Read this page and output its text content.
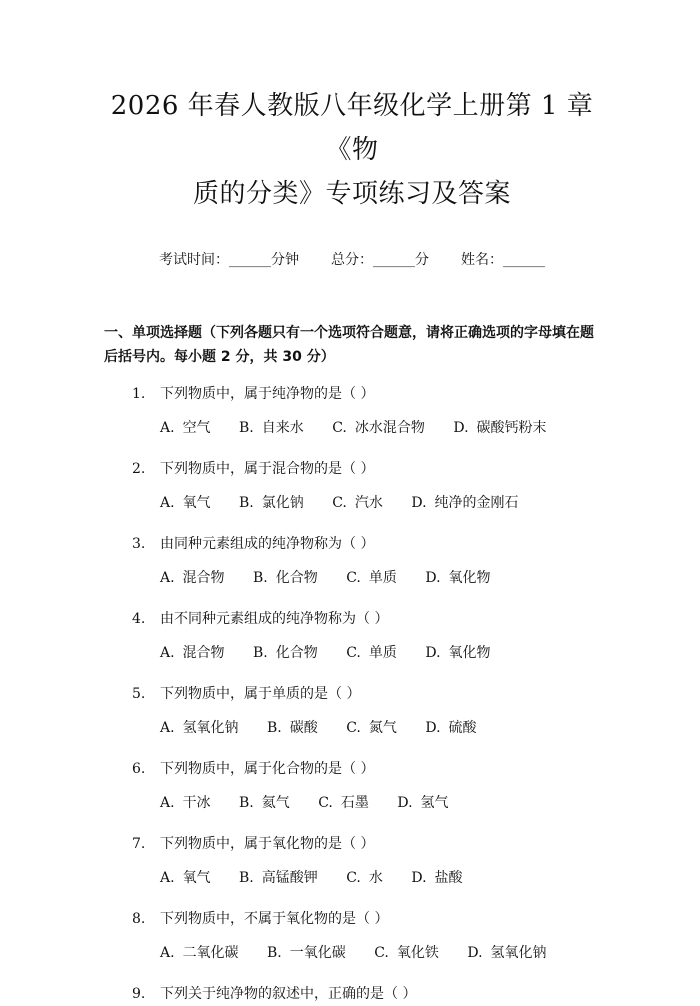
2026 年春人教版八年级化学上册第 1 章《物
质的分类》专项练习及答案
考试时间：______分钟 总分：______分 姓名：______
一、单项选择题（下列各题只有一个选项符合题意，请将正确选项的字母填在题后括号内。每小题 2 分，共 30 分）
1. 下列物质中，属于纯净物的是（ ）
A. 空气 B. 自来水 C. 冰水混合物 D. 碳酸钙粉末
2. 下列物质中，属于混合物的是（ ）
A. 氧气 B. 氯化钠 C. 汽水 D. 纯净的金刚石
3. 由同种元素组成的纯净物称为（ ）
A. 混合物 B. 化合物 C. 单质 D. 氧化物
4. 由不同种元素组成的纯净物称为（ ）
A. 混合物 B. 化合物 C. 单质 D. 氧化物
5. 下列物质中，属于单质的是（ ）
A. 氢氧化钠 B. 碳酸 C. 氮气 D. 硫酸
6. 下列物质中，属于化合物的是（ ）
A. 干冰 B. 氦气 C. 石墨 D. 氢气
7. 下列物质中，属于氧化物的是（ ）
A. 氧气 B. 高锰酸钾 C. 水 D. 盐酸
8. 下列物质中，不属于氧化物的是（ ）
A. 二氧化碳 B. 一氧化碳 C. 氧化铁 D. 氢氧化钠
9. 下列关于纯净物的叙述中，正确的是（ ）
